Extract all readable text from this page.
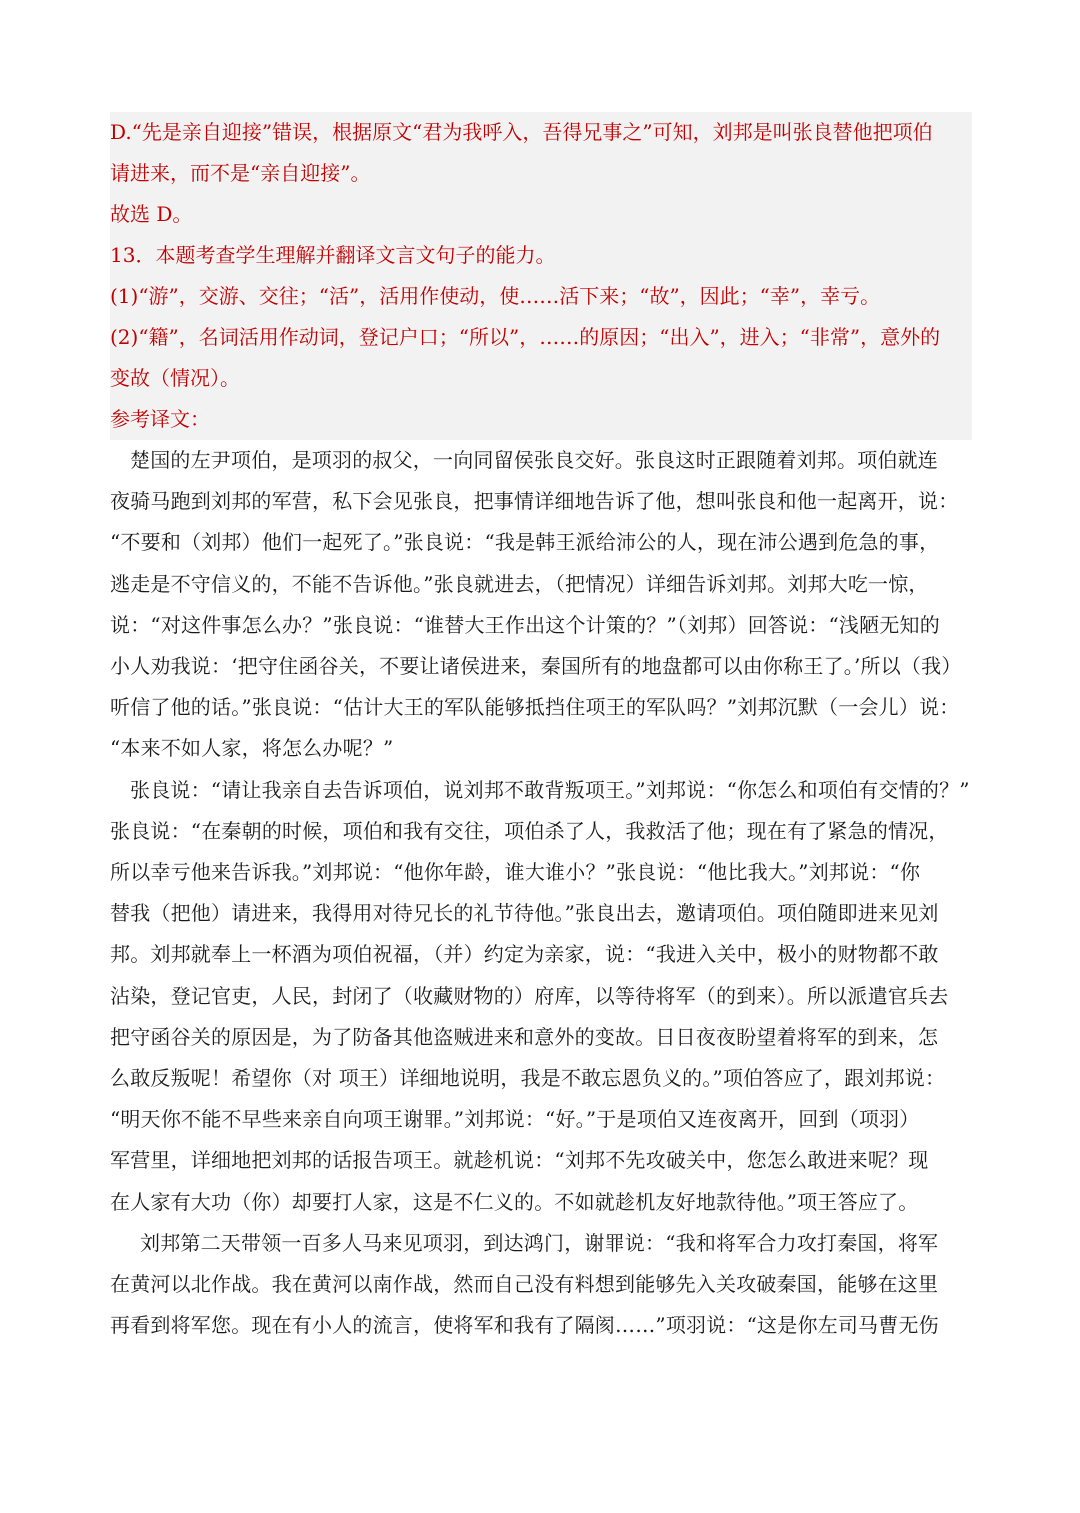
D.“先是亲自迎接”错误，根据原文“君为我呼入，吾得兄事之”可知，刘邦是叫张良替他把项伯
请进来，而不是“亲自迎接”。
故选 D。
13．本题考查学生理解并翻译文言文句子的能力。
(1)“游”，交游、交往；“活”，活用作使动，使……活下来；“故”，因此；“幸”，幸亏。
(2)“籍”，名词活用作动词，登记户口；“所以”，……的原因；“出入”，进入；“非常”，意外的
变故（情况）。
参考译文：
楚国的左尹项伯，是项羽的叔父，一向同留侯张良交好。张良这时正跟随着刘邦。项伯就连
夜骑马跑到刘邦的军营，私下会见张良，把事情详细地告诉了他，想叫张良和他一起离开，说：
“不要和（刘邦）他们一起死了。”张良说：“我是韩王派给沛公的人，现在沛公遇到危急的事，
逃走是不守信义的，不能不告诉他。”张良就进去，（把情况）详细告诉刘邦。刘邦大吃一惊，
说：“对这件事怎么办？”张良说：“谁替大王作出这个计策的？”（刘邦）回答说：“浅陋无知的
小人劝我说：‘把守住函谷关，不要让诸侯进来，秦国所有的地盘都可以由你称王了。’所以（我）
听信了他的话。”张良说：“估计大王的军队能够抵挡住项王的军队吗？”刘邦沉默（一会儿）说：
“本来不如人家，将怎么办呢？”
张良说：“请让我亲自去告诉项伯，说刘邦不敢背叛项王。”刘邦说：“你怎么和项伯有交情的？”
张良说：“在秦朝的时候，项伯和我有交往，项伯杀了人，我救活了他；现在有了紧急的情况，
所以幸亏他来告诉我。”刘邦说：“他你年龄，谁大谁小？”张良说：“他比我大。”刘邦说：“你
替我（把他）请进来，我得用对待兄长的礼节待他。”张良出去，邀请项伯。项伯随即进来见刘
邦。刘邦就奉上一杯酒为项伯祝福，（并）约定为亲家，说：“我进入关中，极小的财物都不敢
沾染，登记官吏，人民，封闭了（收藏财物的）府库，以等待将军（的到来）。所以派遣官兵去
把守函谷关的原因是，为了防备其他盗贼进来和意外的变故。日日夜夜盼望着将军的到来，怎
么敢反叛呢！希望你（对 项王）详细地说明，我是不敢忘恩负义的。”项伯答应了，跟刘邦说：
“明天你不能不早些来亲自向项王谢罪。”刘邦说：“好。”于是项伯又连夜离开，回到（项羽）
军营里，详细地把刘邦的话报告项王。就趁机说：“刘邦不先攻破关中，您怎么敢进来呢？现
在人家有大功（你）却要打人家，这是不仁义的。不如就趁机友好地款待他。”项王答应了。
刘邦第二天带领一百多人马来见项羽，到达鸿门，谢罪说：“我和将军合力攻打秦国，将军
在黄河以北作战。我在黄河以南作战，然而自己没有料想到能够先入关攻破秦国，能够在这里
再看到将军您。现在有小人的流言，使将军和我有了隔阂……”项羽说：“这是你左司马曹无伤
